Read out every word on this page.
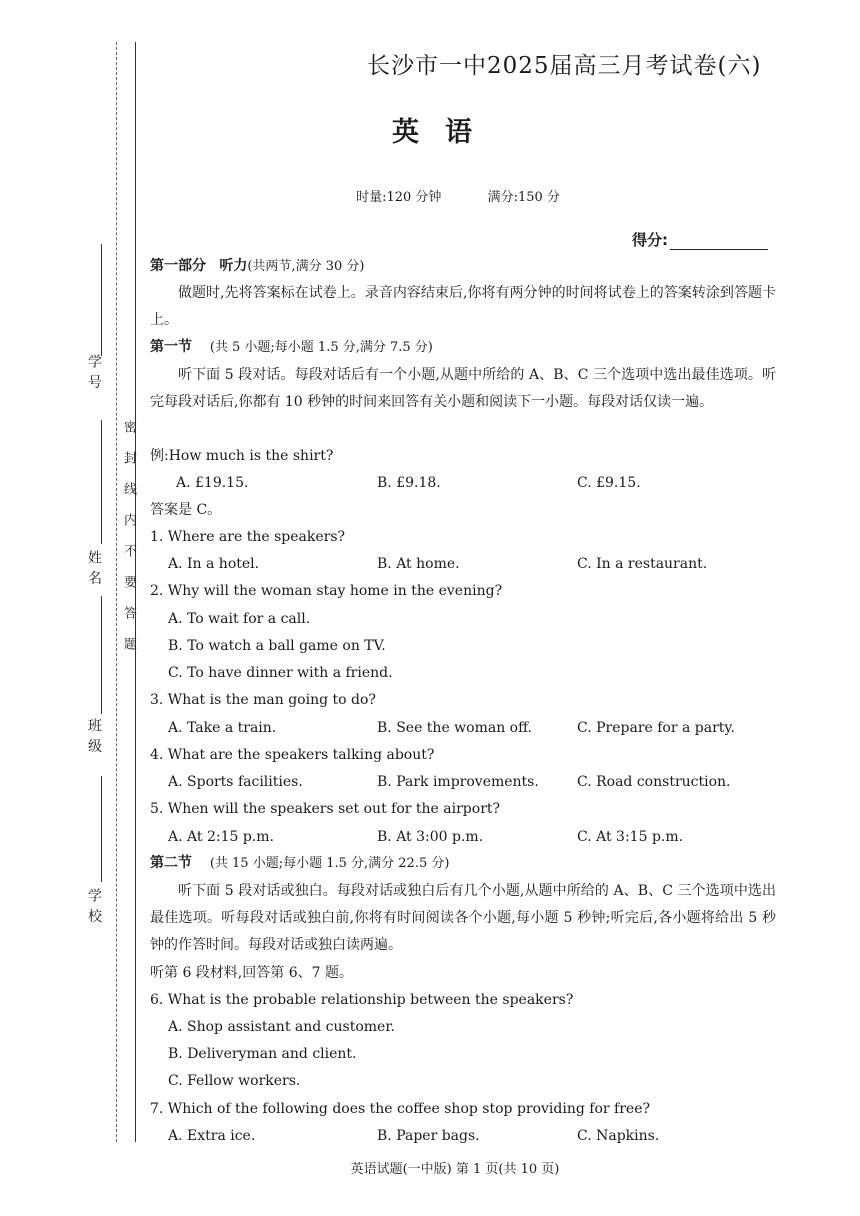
学 号
姓 名
班 级
学 校
密封线内不要答题
长沙市一中2025届高三月考试卷(六)
英语
时量:120 分钟	满分:150 分
得分:
第一部分 听力(共两节,满分 30 分)
做题时,先将答案标在试卷上。录音内容结束后,你将有两分钟的时间将试卷上的答案转涂到答题卡上。
第一节 (共 5 小题;每小题 1.5 分,满分 7.5 分)
听下面 5 段对话。每段对话后有一个小题,从题中所给的 A、B、C 三个选项中选出最佳选项。听完每段对话后,你都有 10 秒钟的时间来回答有关小题和阅读下一小题。每段对话仅读一遍。
例:How much is the shirt?
A. £19.15.	B. £9.18.	C. £9.15.
答案是 C。
1. Where are the speakers?
A. In a hotel.	B. At home.	C. In a restaurant.
2. Why will the woman stay home in the evening?
A. To wait for a call.
B. To watch a ball game on TV.
C. To have dinner with a friend.
3. What is the man going to do?
A. Take a train.	B. See the woman off.	C. Prepare for a party.
4. What are the speakers talking about?
A. Sports facilities.	B. Park improvements.	C. Road construction.
5. When will the speakers set out for the airport?
A. At 2:15 p.m.	B. At 3:00 p.m.	C. At 3:15 p.m.
第二节 (共 15 小题;每小题 1.5 分,满分 22.5 分)
听下面 5 段对话或独白。每段对话或独白后有几个小题,从题中所给的 A、B、C 三个选项中选出最佳选项。听每段对话或独白前,你将有时间阅读各个小题,每小题 5 秒钟;听完后,各小题将给出 5 秒钟的作答时间。每段对话或独白读两遍。
听第 6 段材料,回答第 6、7 题。
6. What is the probable relationship between the speakers?
A. Shop assistant and customer.
B. Deliveryman and client.
C. Fellow workers.
7. Which of the following does the coffee shop stop providing for free?
A. Extra ice.	B. Paper bags.	C. Napkins.
英语试题(一中版) 第 1 页(共 10 页)
